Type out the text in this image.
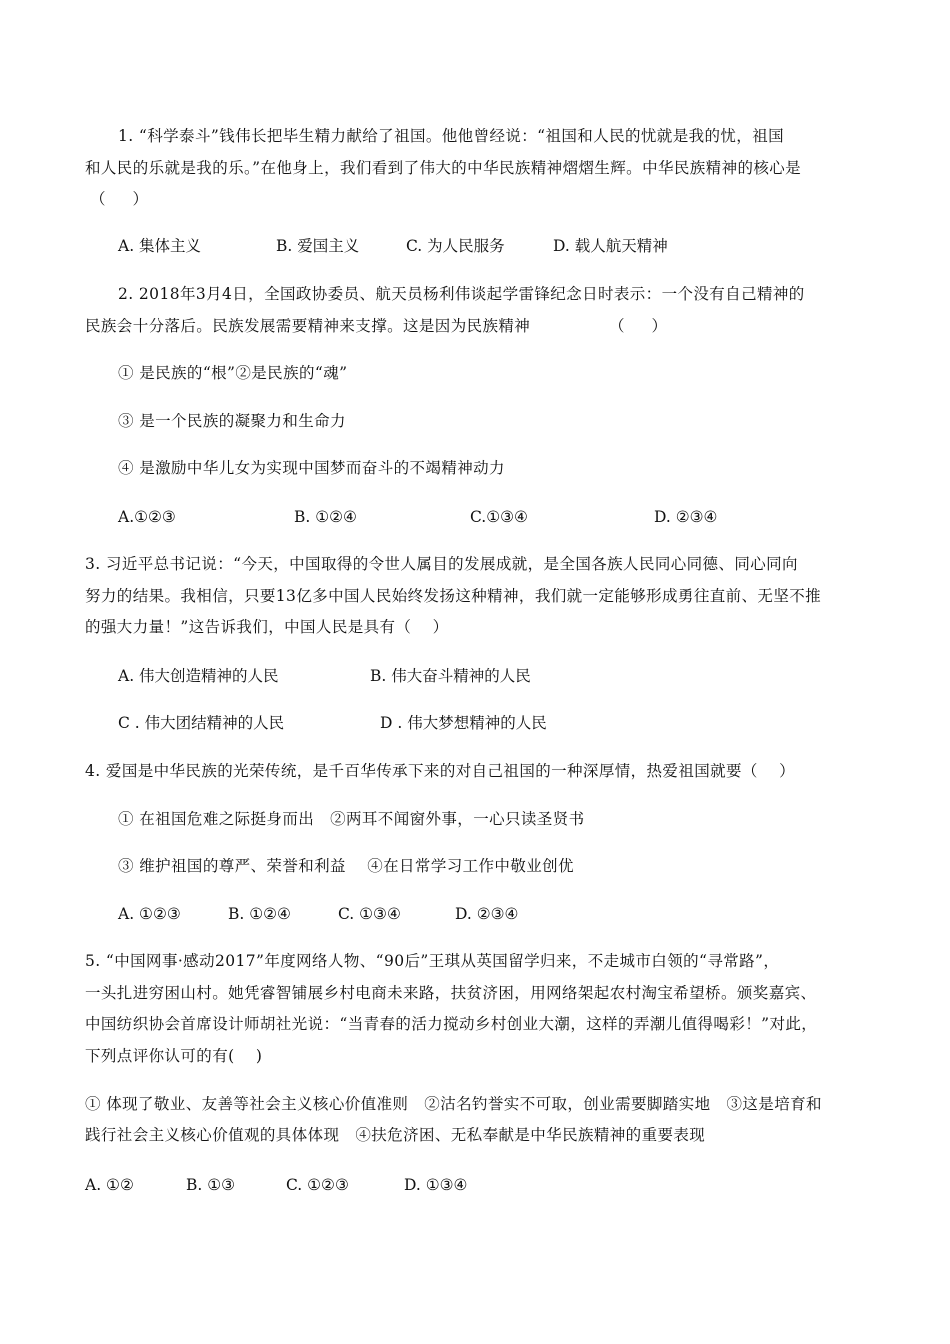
1. “科学泰斗”钱伟长把毕生精力献给了祖国。他他曾经说：“祖国和人民的忧就是我的忧，祖国
和人民的乐就是我的乐。”在他身上，我们看到了伟大的中华民族精神熠熠生辉。中华民族精神的核心是
（     ）
A. 集体主义	B. 爱国主义	C. 为人民服务	D. 载人航天精神
2. 2018年3月4日，全国政协委员、航天员杨利伟谈起学雷锋纪念日时表示：一个没有自己精神的
民族会十分落后。民族发展需要精神来支撑。这是因为民族精神	（     ）
① 是民族的“根”②是民族的“魂”
③ 是一个民族的凝聚力和生命力
④ 是激励中华儿女为实现中国梦而奋斗的不竭精神动力
A.①②③	B. ①②④	C.①③④	D. ②③④
3. 习近平总书记说：“今天，中国取得的令世人属目的发展成就，是全国各族人民同心同德、同心同向
努力的结果。我相信，只要13亿多中国人民始终发扬这种精神，我们就一定能够形成勇往直前、无坚不推
的强大力量！”这告诉我们，中国人民是具有（    ）
A. 伟大创造精神的人民	B. 伟大奋斗精神的人民
C . 伟大团结精神的人民	D . 伟大梦想精神的人民
4. 爱国是中华民族的光荣传统，是千百华传承下来的对自己祖国的一种深厚情，热爱祖国就要（    ）
① 在祖国危难之际挺身而出   ②两耳不闻窗外事，一心只读圣贤书
③ 维护祖国的尊严、荣誉和利益    ④在日常学习工作中敬业创优
A. ①②③	B. ①②④	C. ①③④	D. ②③④
5. “中国网事·感动2017”年度网络人物、“90后”王琪从英国留学归来，不走城市白领的“寻常路”，
一头扎进穷困山村。她凭睿智铺展乡村电商未来路，扶贫济困，用网络架起农村淘宝希望桥。颁奖嘉宾、
中国纺织协会首席设计师胡社光说：“当青春的活力搅动乡村创业大潮，这样的弄潮儿值得喝彩！”对此，
下列点评你认可的有(    )
① 体现了敬业、友善等社会主义核心价值准则   ②沽名钓誉实不可取，创业需要脚踏实地   ③这是培育和
践行社会主义核心价值观的具体体现   ④扶危济困、无私奉献是中华民族精神的重要表现
A. ①②	B. ①③	C. ①②③	D. ①③④
